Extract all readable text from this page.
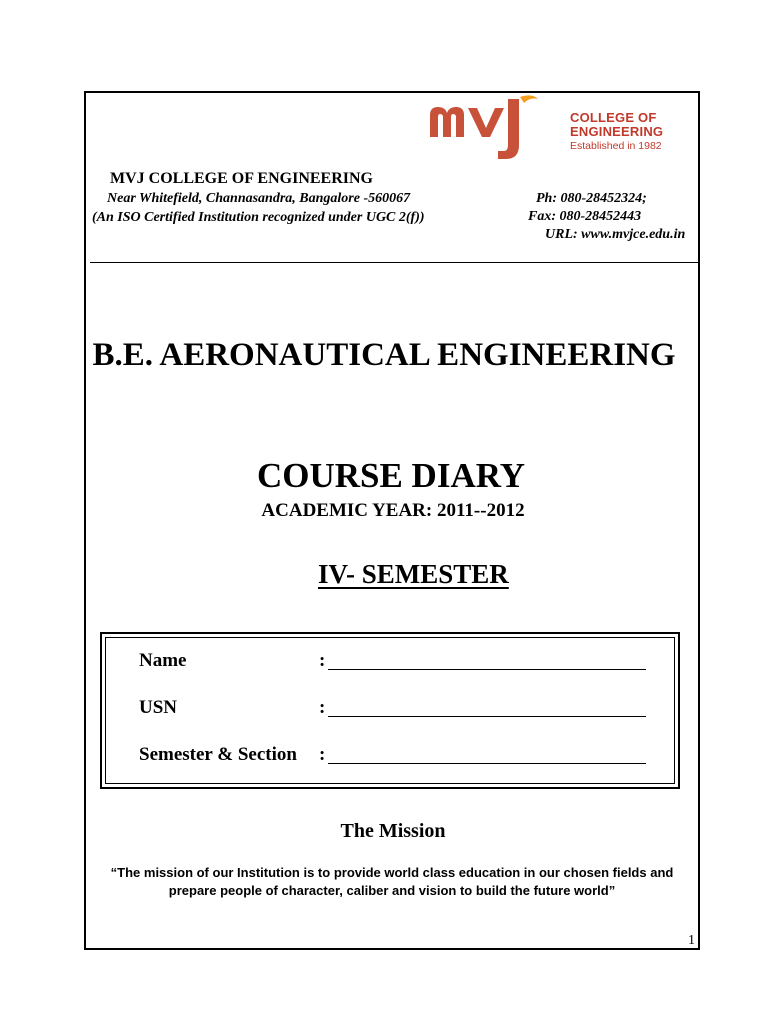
COLLEGE OF
ENGINEERING
Established in 1982
MVJ COLLEGE OF ENGINEERING
Near Whitefield, Channasandra, Bangalore -560067
(An ISO Certified Institution recognized under UGC 2(f))
Ph: 080-28452324;
Fax: 080-28452443
URL: www.mvjce.edu.in
B.E. AERONAUTICAL ENGINEERING
COURSE DIARY
ACADEMIC YEAR: 2011--2012
IV- SEMESTER
Name	:
USN	:
Semester & Section :
The Mission
“The mission of our Institution is to provide world class education in our chosen fields and prepare people of character, caliber and vision to build the future world”
1
